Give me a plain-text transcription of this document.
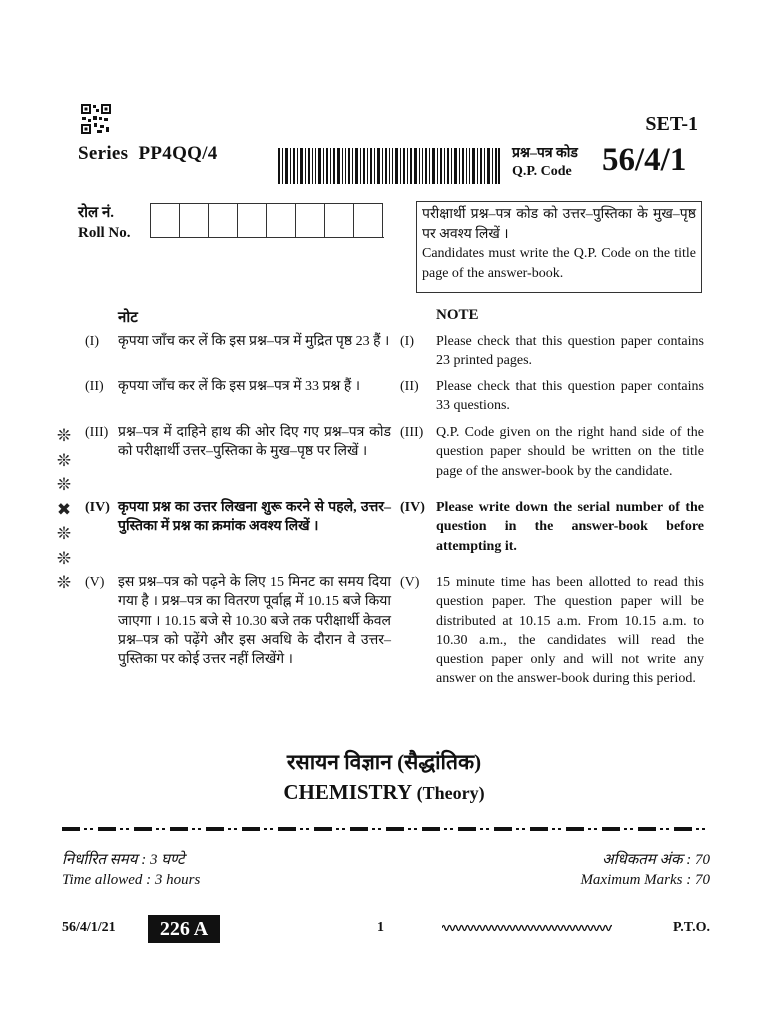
SET-1
Series PP4QQ/4	प्रश्न–पत्र कोड
Q.P. Code 56/4/1
रोल नं.
Roll No.
परीक्षार्थी प्रश्न–पत्र कोड को उत्तर–पुस्तिका के मुख–पृष्ठ पर अवश्य लिखें ।
Candidates must write the Q.P. Code on the title page of the answer-book.
नोट	NOTE
(I) कृपया जाँच कर लें कि इस प्रश्न–पत्र में मुद्रित पृष्ठ 23 हैं ।
(II) कृपया जाँच कर लें कि इस प्रश्न–पत्र में 33 प्रश्न हैं ।
(III) प्रश्न–पत्र में दाहिने हाथ की ओर दिए गए प्रश्न–पत्र कोड को परीक्षार्थी उत्तर–पुस्तिका के मुख–पृष्ठ पर लिखें ।
(IV) कृपया प्रश्न का उत्तर लिखना शुरू करने से पहले, उत्तर–पुस्तिका में प्रश्न का क्रमांक अवश्य लिखें ।
(V) इस प्रश्न–पत्र को पढ़ने के लिए 15 मिनट का समय दिया गया है । प्रश्न–पत्र का वितरण पूर्वाह्न में 10.15 बजे किया जाएगा । 10.15 बजे से 10.30 बजे तक परीक्षार्थी केवल प्रश्न–पत्र को पढ़ेंगे और इस अवधि के दौरान वे उत्तर–पुस्तिका पर कोई उत्तर नहीं लिखेंगे ।
(I) Please check that this question paper contains 23 printed pages.
(II) Please check that this question paper contains 33 questions.
(III) Q.P. Code given on the right hand side of the question paper should be written on the title page of the answer-book by the candidate.
(IV) Please write down the serial number of the question in the answer-book before attempting it.
(V) 15 minute time has been allotted to read this question paper. The question paper will be distributed at 10.15 a.m. From 10.15 a.m. to 10.30 a.m., the candidates will read the question paper only and will not write any answer on the answer-book during this period.
❊
❊
❊
✖
❊
❊
❊
रसायन विज्ञान (सैद्धांतिक)
CHEMISTRY (Theory)
निर्धारित समय : 3 घण्टे
Time allowed : 3 hours
अधिकतम अंक : 70
Maximum Marks : 70
56/4/1/21	226 A	1	P.T.O.
